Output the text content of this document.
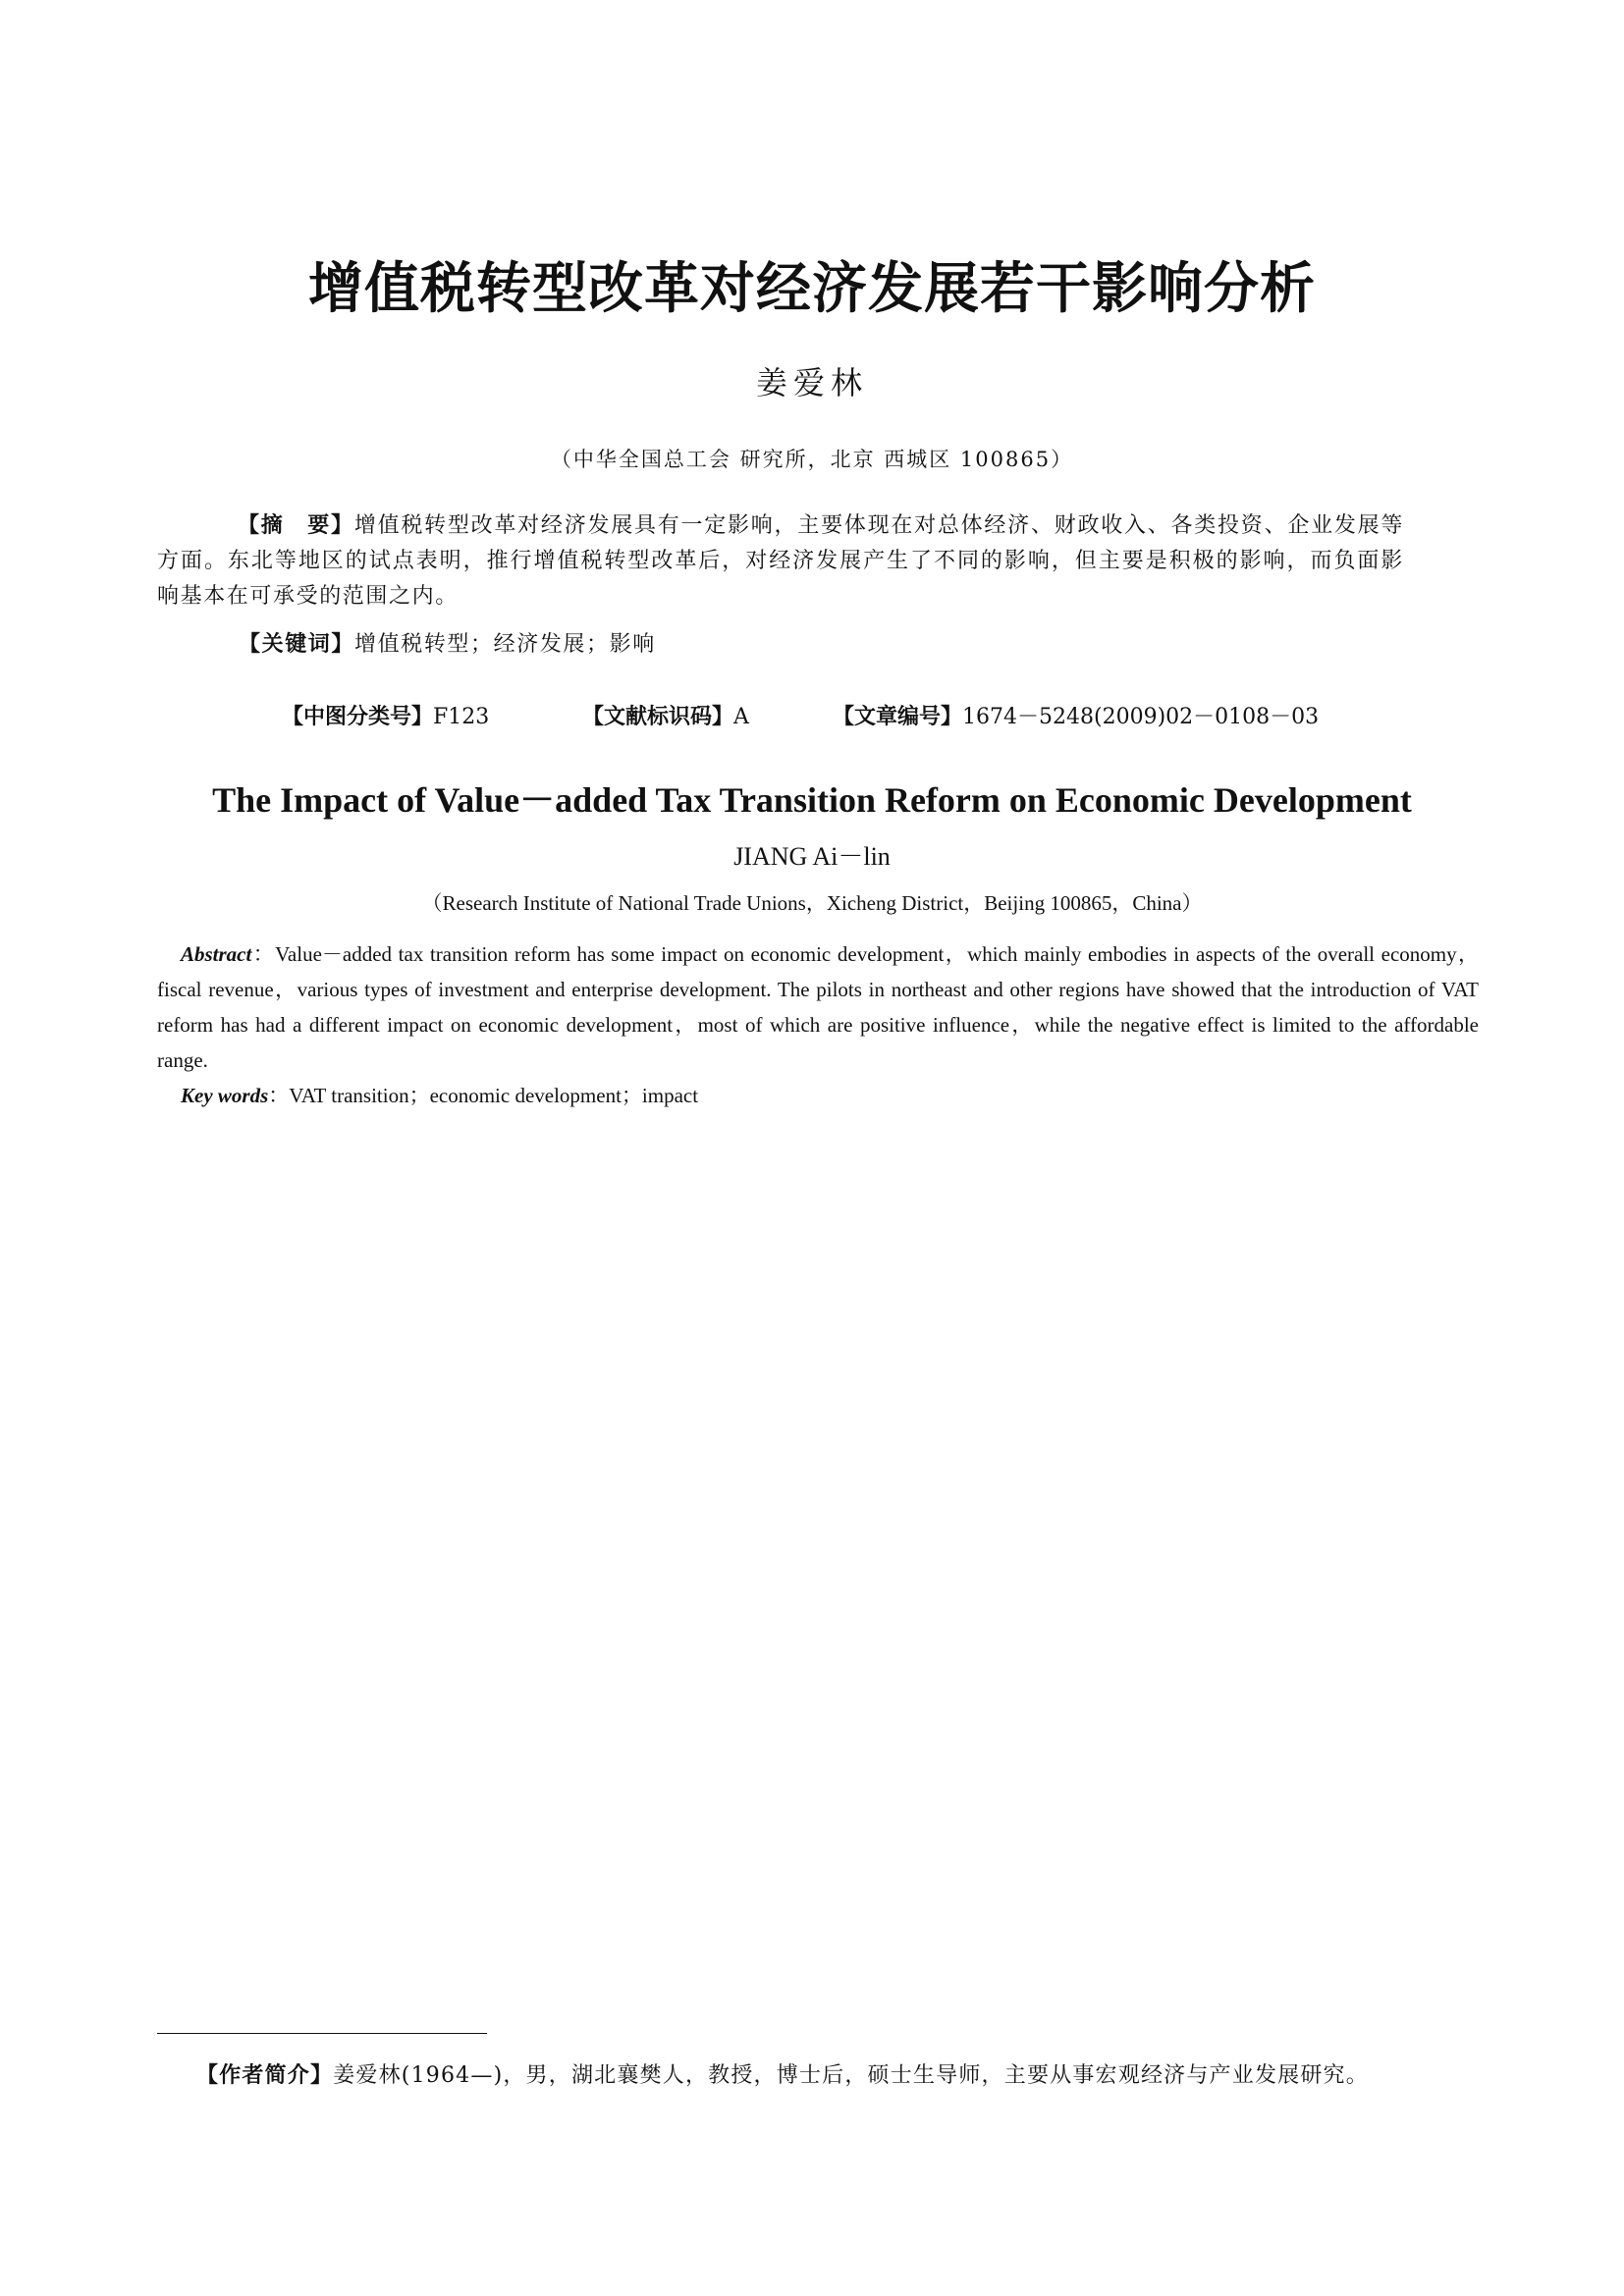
增值税转型改革对经济发展若干影响分析
姜爱林
（中华全国总工会 研究所，北京 西城区 100865）
【摘　要】增值税转型改革对经济发展具有一定影响，主要体现在对总体经济、财政收入、各类投资、企业发展等方面。东北等地区的试点表明，推行增值税转型改革后，对经济发展产生了不同的影响，但主要是积极的影响，而负面影响基本在可承受的范围之内。
【关键词】增值税转型；经济发展；影响
【中图分类号】F123	【文献标识码】A	【文章编号】1674－5248(2009)02－0108－03
The Impact of Value－added Tax Transition Reform on Economic Development
JIANG Ai－lin
（Research Institute of National Trade Unions，Xicheng District，Beijing 100865，China）
Abstract：Value－added tax transition reform has some impact on economic development，which mainly embodies in aspects of the overall economy，fiscal revenue，various types of investment and enterprise development. The pilots in northeast and other regions have showed that the introduction of VAT reform has had a different impact on economic development，most of which are positive influence，while the negative effect is limited to the affordable range.
Key words：VAT transition；economic development；impact
【作者简介】姜爱林(1964—)，男，湖北襄樊人，教授，博士后，硕士生导师，主要从事宏观经济与产业发展研究。
